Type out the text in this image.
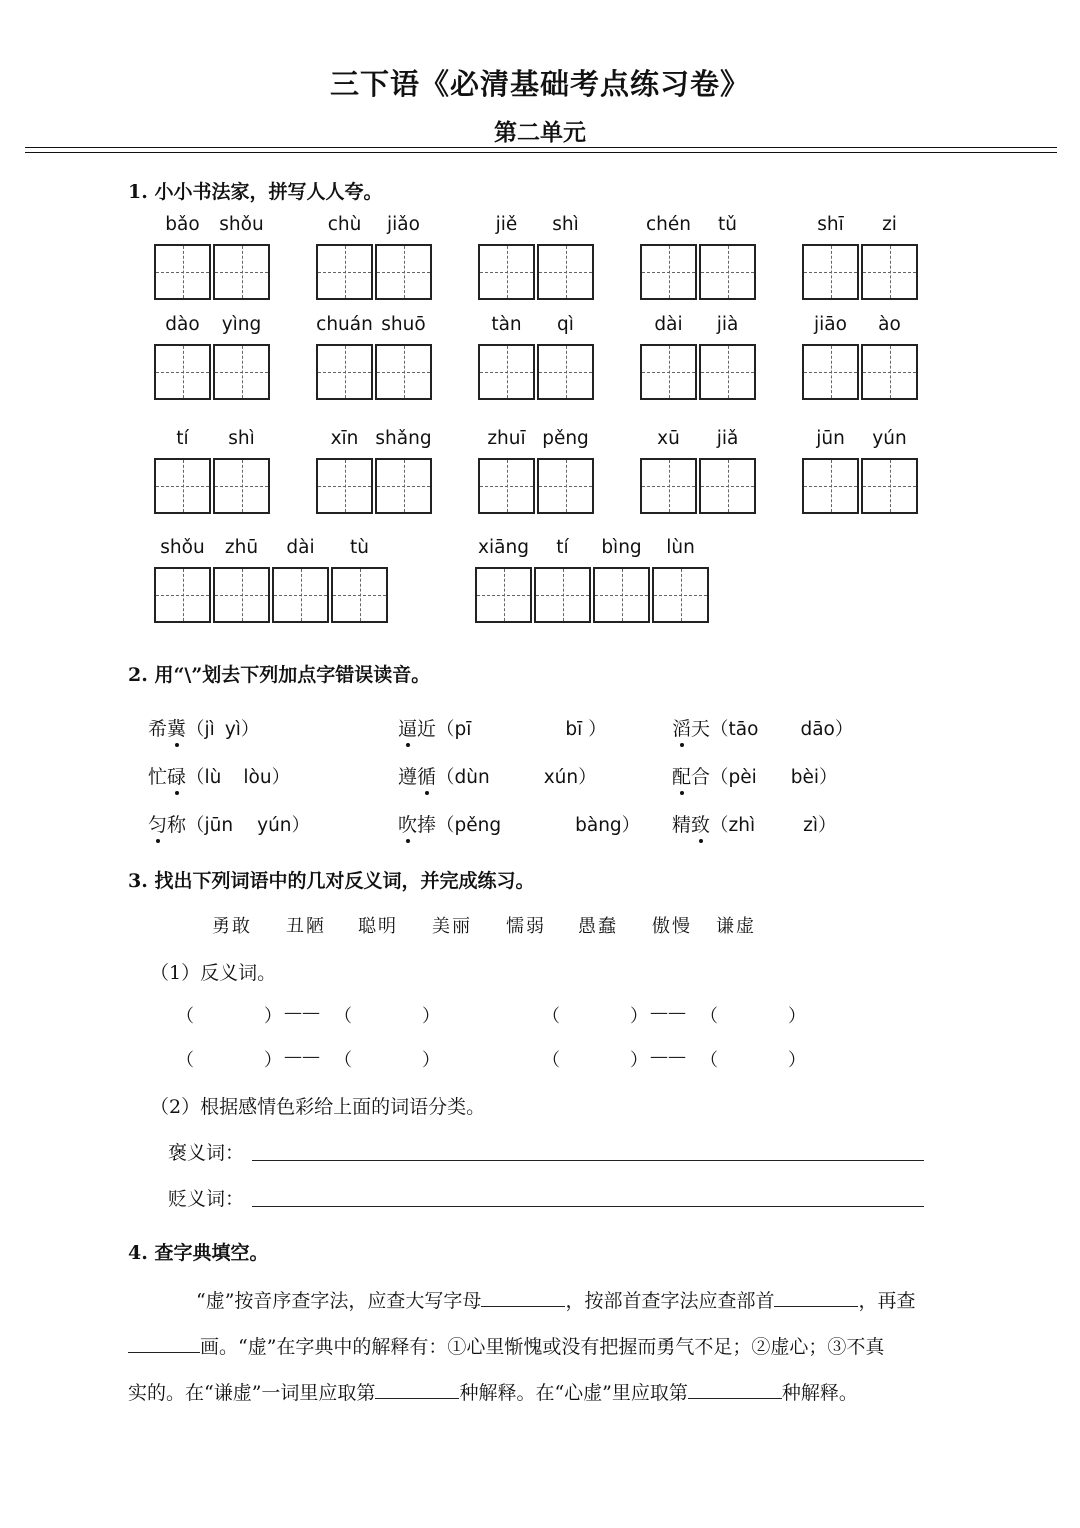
三下语《必清基础考点练习卷》
第二单元
1. 小小书法家，拼写人人夸。
bǎo	shǒu	chù	jiǎo	jiě	shì	chén	tǔ	shī	zi
dào	yìng	chuán shuō	tàn	qì	dài	jià	jiāo	ào
tí	shì	xīn shǎng	zhuī pěng	xū	jiǎ	jūn	yún
shǒu	zhū	dài	tù	xiāng	tí	bìng	lùn
2. 用“\”划去下列加点字错误读音。
希冀（jì yì）	逼近（pī	bī ）	滔天（tāo dāo）
忙碌（lù lòu）	遵循（dùn	xún）	配合（pèi bèi）
匀称（jūn yún）	吹捧（pěng	bàng） 精致（zhì	zì）
3. 找出下列词语中的几对反义词，并完成练习。
勇敢 丑陋 聪明 美丽 懦弱 愚蠢 傲慢 谦虚
（1）反义词。
（	） —— （	）	（	） —— （	）
（	） —— （	）	（	） —— （	）
（2）根据感情色彩给上面的词语分类。
褒义词：
贬义词：
4. 查字典填空。
“虚”按音序查字法，应查大写字母	，按部首查字法应查部首	，再查
画。“虚”在字典中的解释有：①心里惭愧或没有把握而勇气不足；②虚心；③不真
实的。在“谦虚”一词里应取第	种解释。在“心虚”里应取第	种解释。
